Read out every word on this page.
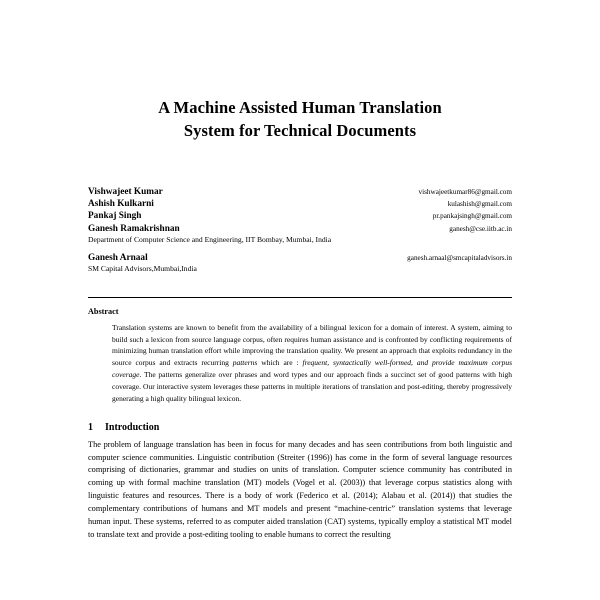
A Machine Assisted Human Translation
System for Technical Documents
Vishwajeet Kumar	vishwajeetkumar86@gmail.com
Ashish Kulkarni	kulashish@gmail.com
Pankaj Singh	pr.pankajsingh@gmail.com
Ganesh Ramakrishnan	ganesh@cse.iitb.ac.in
Department of Computer Science and Engineering, IIT Bombay, Mumbai, India
Ganesh Arnaal	ganesh.arnaal@smcapitaladvisors.in
SM Capital Advisors,Mumbai,India
Abstract
Translation systems are known to benefit from the availability of a bilingual lexicon for a domain of interest. A system, aiming to build such a lexicon from source language corpus, often requires human assistance and is confronted by conflicting requirements of minimizing human translation effort while improving the translation quality. We present an approach that exploits redundancy in the source corpus and extracts recurring patterns which are : frequent, syntactically well-formed, and provide maximum corpus coverage. The patterns generalize over phrases and word types and our approach finds a succinct set of good patterns with high coverage. Our interactive system leverages these patterns in multiple iterations of translation and post-editing, thereby progressively generating a high quality bilingual lexicon.
1 Introduction
The problem of language translation has been in focus for many decades and has seen contributions from both linguistic and computer science communities. Linguistic contribution (Streiter (1996)) has come in the form of several language resources comprising of dictionaries, grammar and studies on units of translation. Computer science community has contributed in coming up with formal machine translation (MT) models (Vogel et al. (2003)) that leverage corpus statistics along with linguistic features and resources. There is a body of work (Federico et al. (2014); Alabau et al. (2014)) that studies the complementary contributions of humans and MT models and present “machine-centric” translation systems that leverage human input. These systems, referred to as computer aided translation (CAT) systems, typically employ a statistical MT model to translate text and provide a post-editing tooling to enable humans to correct the resulting
